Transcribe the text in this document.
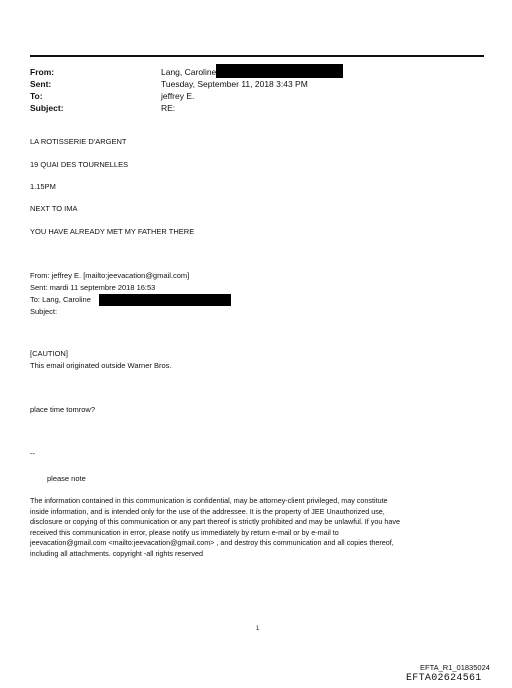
From:
Sent:
To:
Subject:
Lang, Caroline
Tuesday, September 11, 2018 3:43 PM
jeffrey E.
RE:
LA ROTISSERIE D'ARGENT
19 QUAI DES TOURNELLES
1.15PM
NEXT TO IMA
YOU HAVE ALREADY MET MY FATHER THERE
From: jeffrey E. [mailto:jeevacation@gmail.com]
Sent: mardi 11 septembre 2018 16:53
To: Lang, Caroline
Subject:
[CAUTION]
This email originated outside Warner Bros.
place time tomrow?
--
please note
The information contained in this communication is confidential, may be attorney-client privileged, may constitute
inside information, and is intended only for the use of the addressee. It is the property of JEE Unauthorized use,
disclosure or copying of this communication or any part thereof is strictly prohibited and may be unlawful. If you have
received this communication in error, please notify us immediately by return e-mail or by e-mail to
jeevacation@gmail.com <mailto:jeevacation@gmail.com> , and destroy this communication and all copies thereof,
including all attachments. copyright -all rights reserved
1
EFTA_R1_01835024
EFTA02624561
